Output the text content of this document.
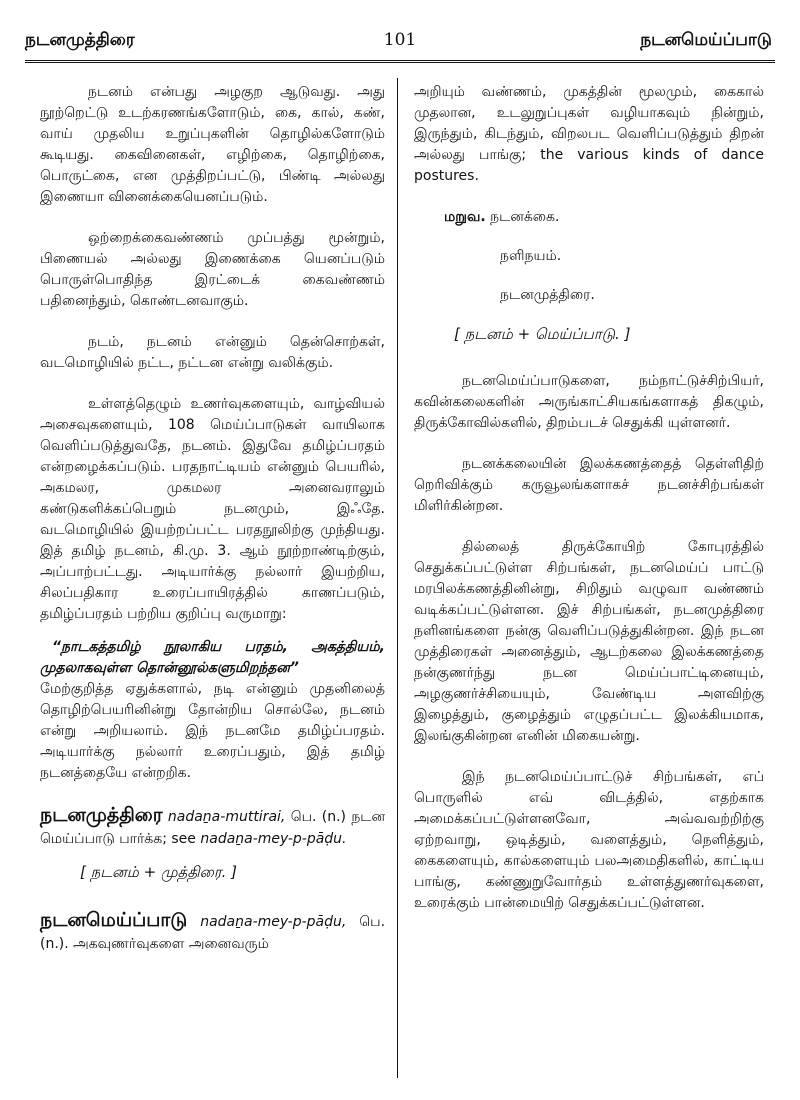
நடனமுத்திரை	101	நடனமெய்ப்பாடு

நடனம் என்பது அழகுற ஆடுவது. அது நூற்றெட்டு உடற்கரணங்களோடும், கை, கால், கண், வாய் முதலிய உறுப்புகளின் தொழில்களோடும் கூடியது. கைவினைகள், எழிற்கை, தொழிற்கை, பொருட்கை, என முத்திறப்பட்டு, பிண்டி அல்லது இணையா வினைக்கையெனப்படும்.

ஒற்றைக்கைவண்ணம் முப்பத்து மூன்றும், பிணையல் அல்லது இணைக்கை யெனப்படும் பொருள்பொதிந்த இரட்டைக் கைவண்ணம் பதினைந்தும், கொண்டனவாகும்.

நடம், நடனம் என்னும் தென்சொற்கள், வடமொழியில் நட்ட, நட்டன என்று வலிக்கும்.

உள்ளத்தெழும் உணர்வுகளையும், வாழ்வியல் அசைவுகளையும், 108 மெய்ப்பாடுகள் வாயிலாக வெளிப்படுத்துவதே, நடனம். இதுவே தமிழ்ப்பரதம் என்றழைக்கப்படும். பரதநாட்டியம் என்னும் பெயரில், அகமலர, முகமலர அனைவராலும் கண்டுகளிக்கப்பெறும் நடனமும், இஃதே. வடமொழியில் இயற்றப்பட்ட பரதநூலிற்கு முந்தியது. இத் தமிழ் நடனம், கி.மு. 3. ஆம் நூற்றாண்டிற்கும், அப்பாற்பட்டது. அடியார்க்கு நல்லார் இயற்றிய, சிலப்பதிகார உரைப்பாயிரத்தில் காணப்படும், தமிழ்ப்பரதம் பற்றிய குறிப்பு வருமாறு:

“நாடகத்தமிழ் நூலாகிய பரதம், அகத்தியம், முதலாகவுள்ள தொன்னூல்களுமிறந்தன”

மேற்குறித்த ஏதுக்களால், நடி என்னும் முதனிலைத் தொழிற்பெயரினின்று தோன்றிய சொல்லே, நடனம் என்று அறியலாம். இந் நடனமே தமிழ்ப்பரதம். அடியார்க்கு நல்லார் உரைப்பதும், இத் தமிழ் நடனத்தையே என்றறிக.

நடனமுத்திரை nadaṉa-muttirai, பெ. (n.) நடன மெய்ப்பாடு பார்க்க; see nadaṉa-mey-p-pāḍu.

[ நடனம் + முத்திரை. ]

நடனமெய்ப்பாடு nadaṉa-mey-p-pāḍu, பெ. (n.). அகவுணர்வுகளை அனைவரும்

அறியும் வண்ணம், முகத்தின் மூலமும், கைகால் முதலான, உடலுறுப்புகள் வழியாகவும் நின்றும், இருந்தும், கிடந்தும், விறலபட வெளிப்படுத்தும் திறன் அல்லது பாங்கு; the various kinds of dance postures.

மறுவ. நடனக்கை.

நளிநயம்.

நடனமுத்திரை.

[ நடனம் + மெய்ப்பாடு. ]

நடனமெய்ப்பாடுகளை, நம்நாட்டுச்சிற்பியர், கவின்கலைகளின் அருங்காட்சியகங்களாகத் திகழும், திருக்கோவில்களில், திறம்படச் செதுக்கி யுள்ளனர்.

நடனக்கலையின் இலக்கணத்தைத் தெள்ளிதிற் றெரிவிக்கும் கருவூலங்களாகச் நடனச்சிற்பங்கள் மிளிர்கின்றன.

தில்லைத் திருக்கோயிற் கோபுரத்தில் செதுக்கப்பட்டுள்ள சிற்பங்கள், நடனமெய்ப் பாட்டு மரபிலக்கணத்தினின்று, சிறிதும் வழுவா வண்ணம் வடிக்கப்பட்டுள்ளன. இச் சிற்பங்கள், நடனமுத்திரை நளினங்களை நன்கு வெளிப்படுத்துகின்றன. இந் நடன முத்திரைகள் அனைத்தும், ஆடற்கலை இலக்கணத்தை நன்குணர்ந்து நடன மெய்ப்பாட்டினையும், அழகுணர்ச்சியையும், வேண்டிய அளவிற்கு இழைத்தும், குழைத்தும் எழுதப்பட்ட இலக்கியமாக, இலங்குகின்றன எனின் மிகையன்று.

இந் நடனமெய்ப்பாட்டுச் சிற்பங்கள், எப் பொருளில் எவ் விடத்தில், எதற்காக அமைக்கப்பட்டுள்ளனவோ, அவ்வவற்றிற்கு ஏற்றவாறு, ஒடித்தும், வளைத்தும், நெளித்தும், கைகளையும், கால்களையும் பலஅமைதிகளில், காட்டிய பாங்கு, கண்ணுறுவோர்தம் உள்ளத்துணர்வுகளை, உரைக்கும் பான்மையிற் செதுக்கப்பட்டுள்ளன.
